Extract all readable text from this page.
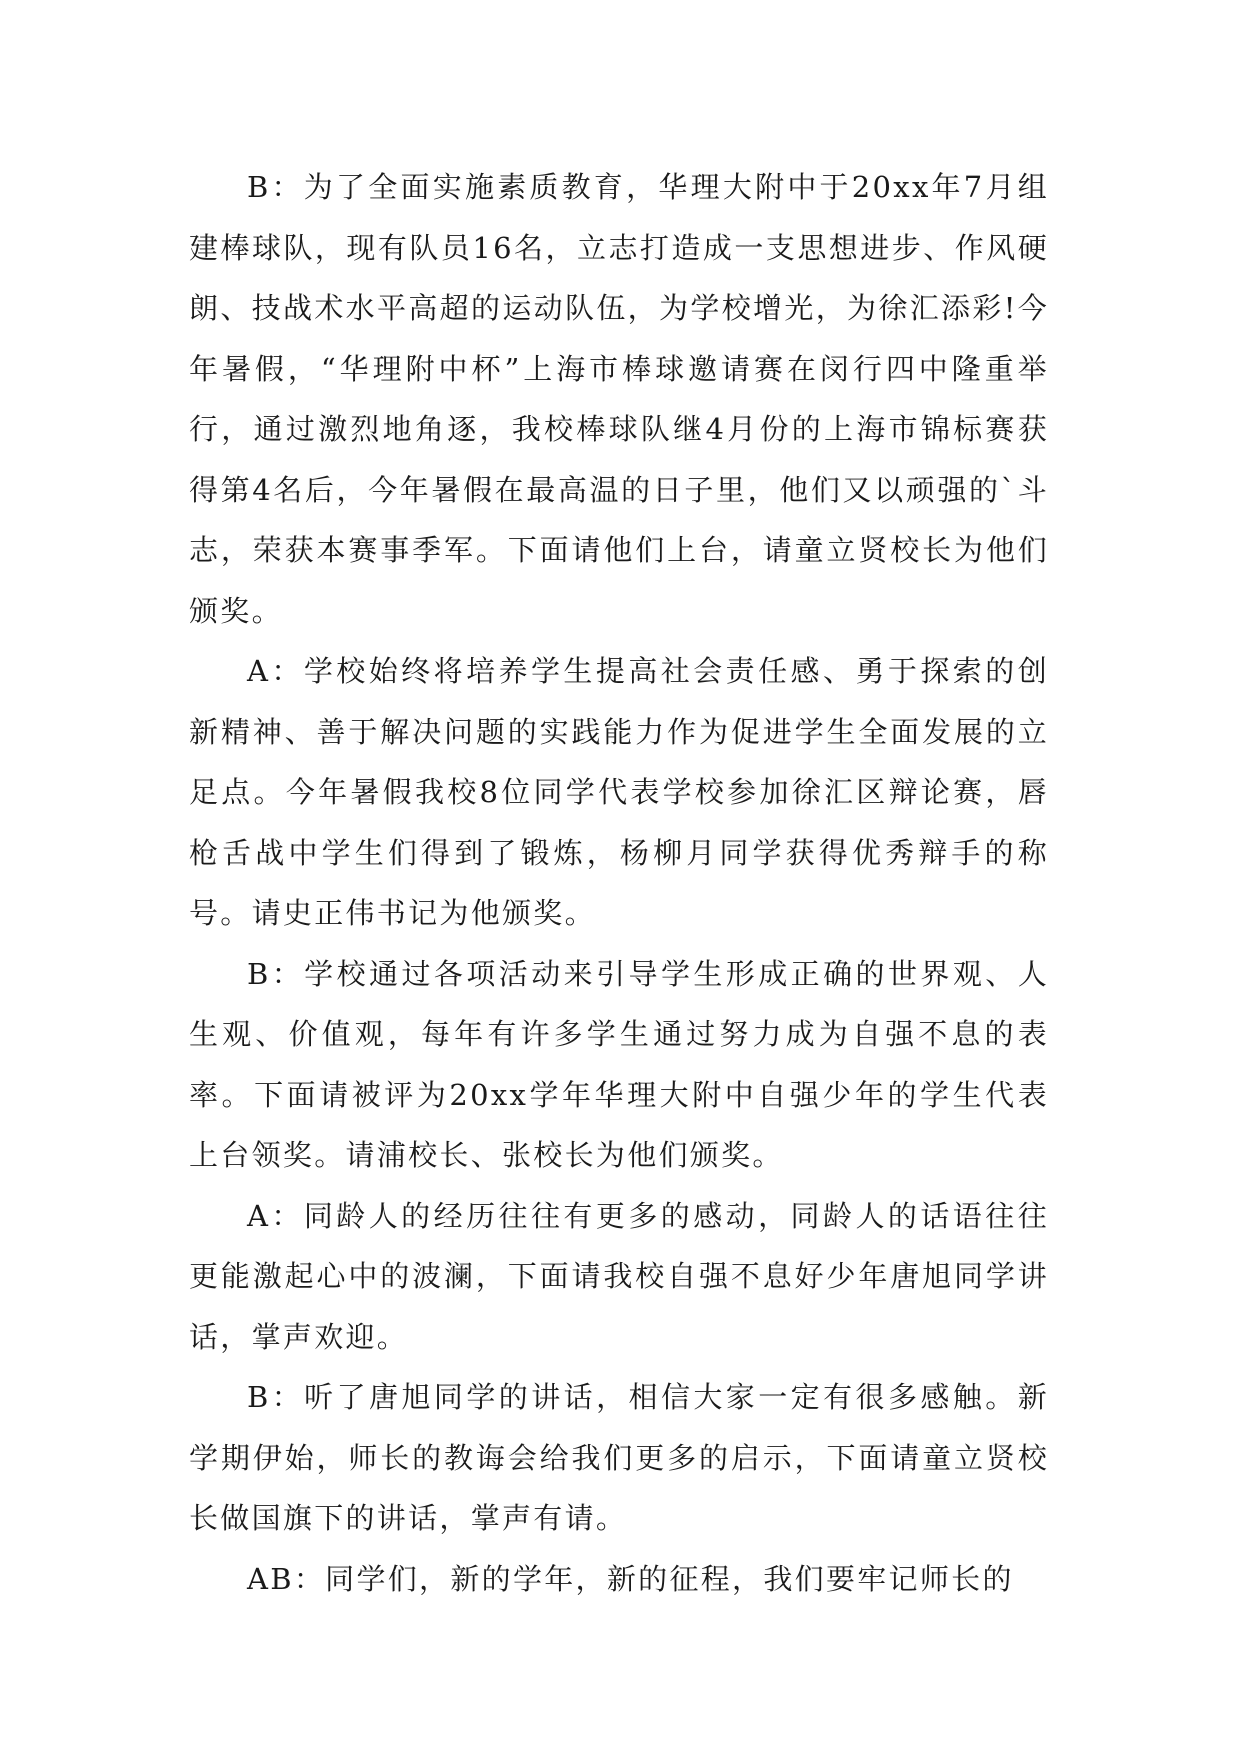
B：为了全面实施素质教育，华理大附中于20xx年7月组建棒球队，现有队员16名，立志打造成一支思想进步、作风硬朗、技战术水平高超的运动队伍，为学校增光，为徐汇添彩!今年暑假，“华理附中杯”上海市棒球邀请赛在闵行四中隆重举行，通过激烈地角逐，我校棒球队继4月份的上海市锦标赛获得第4名后，今年暑假在最高温的日子里，他们又以顽强的`斗志，荣获本赛事季军。下面请他们上台，请童立贤校长为他们颁奖。

A：学校始终将培养学生提高社会责任感、勇于探索的创新精神、善于解决问题的实践能力作为促进学生全面发展的立足点。今年暑假我校8位同学代表学校参加徐汇区辩论赛，唇枪舌战中学生们得到了锻炼，杨柳月同学获得优秀辩手的称号。请史正伟书记为他颁奖。

B：学校通过各项活动来引导学生形成正确的世界观、人生观、价值观，每年有许多学生通过努力成为自强不息的表率。下面请被评为20xx学年华理大附中自强少年的学生代表上台领奖。请浦校长、张校长为他们颁奖。

A：同龄人的经历往往有更多的感动，同龄人的话语往往更能激起心中的波澜，下面请我校自强不息好少年唐旭同学讲话，掌声欢迎。

B：听了唐旭同学的讲话，相信大家一定有很多感触。新学期伊始，师长的教诲会给我们更多的启示，下面请童立贤校长做国旗下的讲话，掌声有请。

AB：同学们，新的学年，新的征程，我们要牢记师长的
